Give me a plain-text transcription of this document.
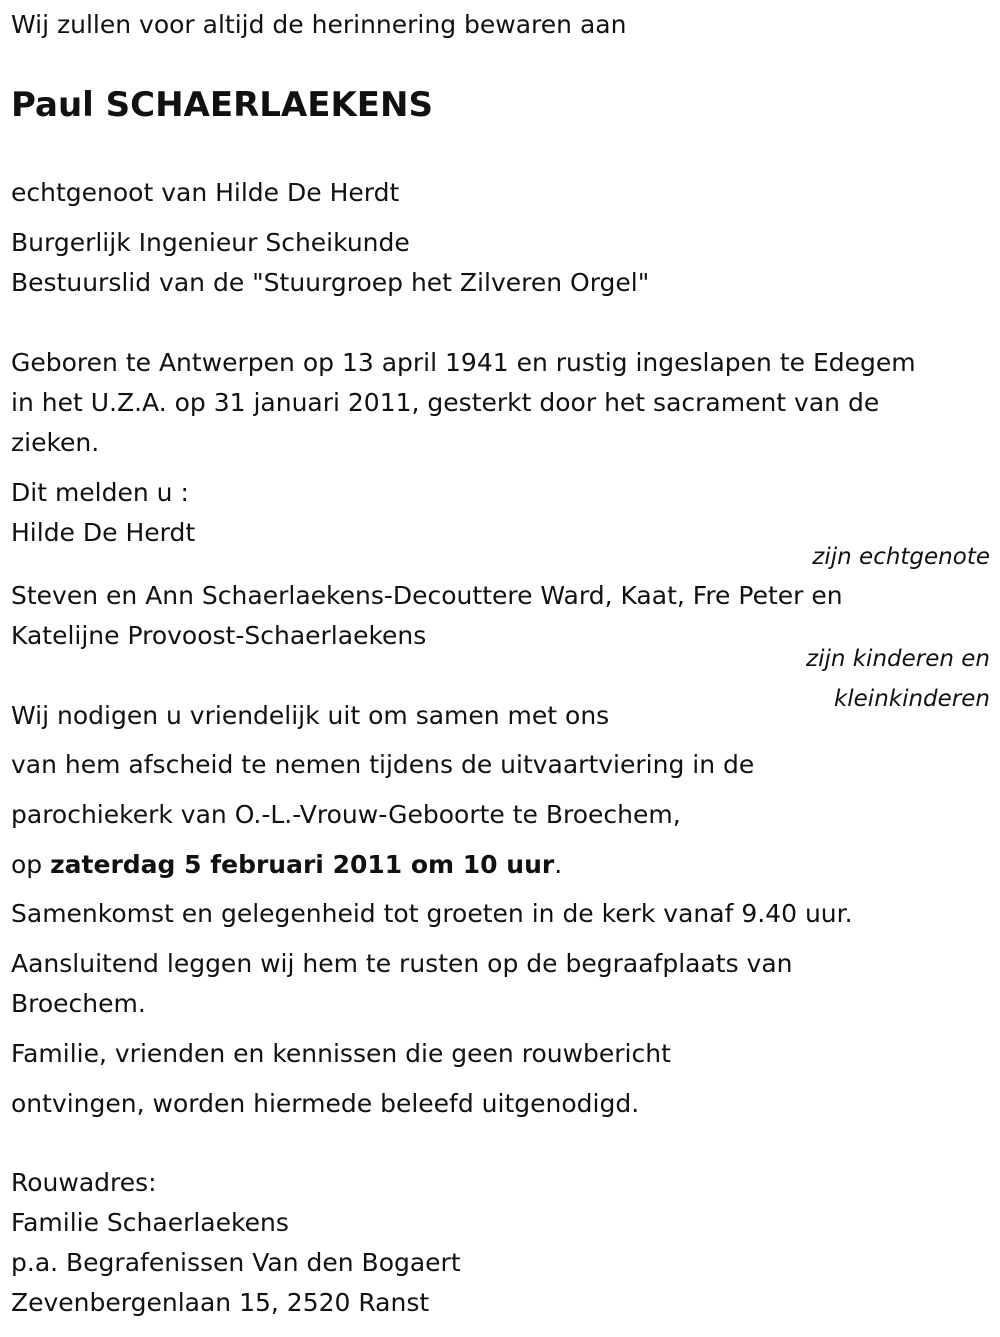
Wij zullen voor altijd de herinnering bewaren aan
Paul SCHAERLAEKENS
echtgenoot van Hilde De Herdt
Burgerlijk Ingenieur Scheikunde
Bestuurslid van de "Stuurgroep het Zilveren Orgel"
Geboren te Antwerpen op 13 april 1941 en rustig ingeslapen te Edegem
in het U.Z.A. op 31 januari 2011, gesterkt door het sacrament van de
zieken.
Dit melden u :
Hilde De Herdt
zijn echtgenote
Steven en Ann Schaerlaekens-Decouttere Ward, Kaat, Fre Peter en
Katelijne Provoost-Schaerlaekens
zijn kinderen en
kleinkinderen
Wij nodigen u vriendelijk uit om samen met ons
van hem afscheid te nemen tijdens de uitvaartviering in de
parochiekerk van O.-L.-Vrouw-Geboorte te Broechem,
op zaterdag 5 februari 2011 om 10 uur.
Samenkomst en gelegenheid tot groeten in de kerk vanaf 9.40 uur.
Aansluitend leggen wij hem te rusten op de begraafplaats van
Broechem.
Familie, vrienden en kennissen die geen rouwbericht
ontvingen, worden hiermede beleefd uitgenodigd.
Rouwadres:
Familie Schaerlaekens
p.a. Begrafenissen Van den Bogaert
Zevenbergenlaan 15, 2520 Ranst
